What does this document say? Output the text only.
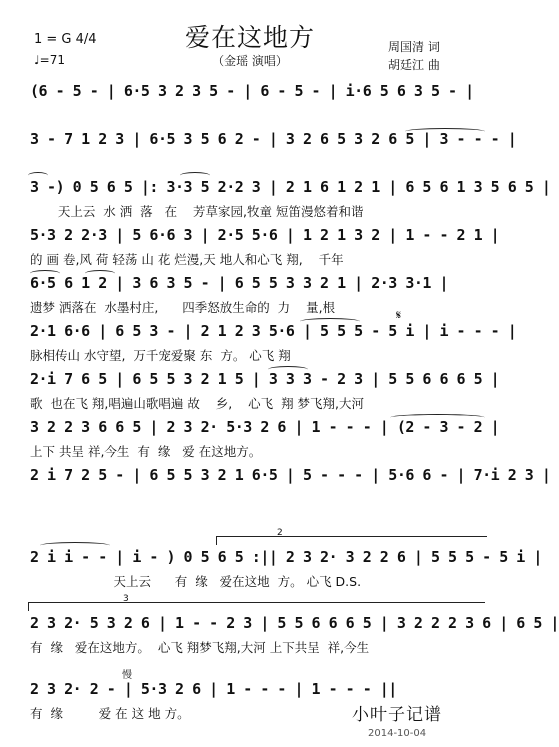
爱在这地方
（金瑶 演唱）
1 = G 4/4
♩=71
周国清 词
胡廷江 曲
(6 - 5 - | 6·5 3 2 3 5 - | 6 - 5 - | i·6 5 6 3 5 - |
3 - 7 1 2 3 | 6·5 3 5 6 2 - | 3 2 6 5 3 2 6 5 | 3 - - - |
3 -) 0 5 6 5 |: 3·3 5 2·2 3 | 2 1 6 1 2 1 | 6 5 6 1 3 5 6 5 |
天上云  水 洒  落   在    芳草家园,牧童 短笛漫悠着和谐
5·3 2 2·3 | 5 6·6 3 | 2·5 5·6 | 1 2 1 3 2 | 1 - - 2 1 |
的 画 卷,风 荷 轻荡 山 花 烂漫,天 地人和心飞 翔,    千年
6·5 6 1 2 | 3 6 3 5 - | 6 5 5 3 3 2 1 | 2·3 3·1 |
遗梦 洒落在  水墨村庄,      四季怒放生命的  力    量,根
2·1 6·6 | 6 5 3 - | 2 1 2 3 5·6 | 5 5 5 - 5 i | i - - - |
脉相传山 水守望,  万千宠爱聚 东  方。 心飞 翔
𝄋
2·i 7 6 5 | 6 5 5 3 2 1 5 | 3 3 3 - 2 3 | 5 5 6 6 6 5 |
歌  也在飞 翔,唱遍山歌唱遍 故    乡,    心飞  翔 梦飞翔,大河
3 2 2 3 6 6 5 | 2 3 2· 5·3 2 6 | 1 - - - | (2 - 3 - 2 |
上下 共呈 祥,今生  有  缘   爱 在这地方。
2 i 7 2 5 - | 6 5 5 3 2 1 6·5 | 5 - - - | 5·6 6 - | 7·i 2 3 |
2 i i - - | i - ) 0 5 6 5 :|| 2 3 2· 3 2 2 6 | 5 5 5 - 5 i |
天上云      有  缘   爱在这地  方。 心飞 D.S.
2
2 3 2· 5 3 2 6 | 1 - - 2 3 | 5 5 6 6 6 5 | 3 2 2 2 3 6 | 6 5 |
有  缘   爱在这地方。  心飞 翔梦飞翔,大河 上下共呈  祥,今生
3
2 3 2· 2 - | 5·3 2 6 | 1 - - - | 1 - - - ||
有  缘         爱 在 这 地 方。
慢
小叶子记谱
2014-10-04
